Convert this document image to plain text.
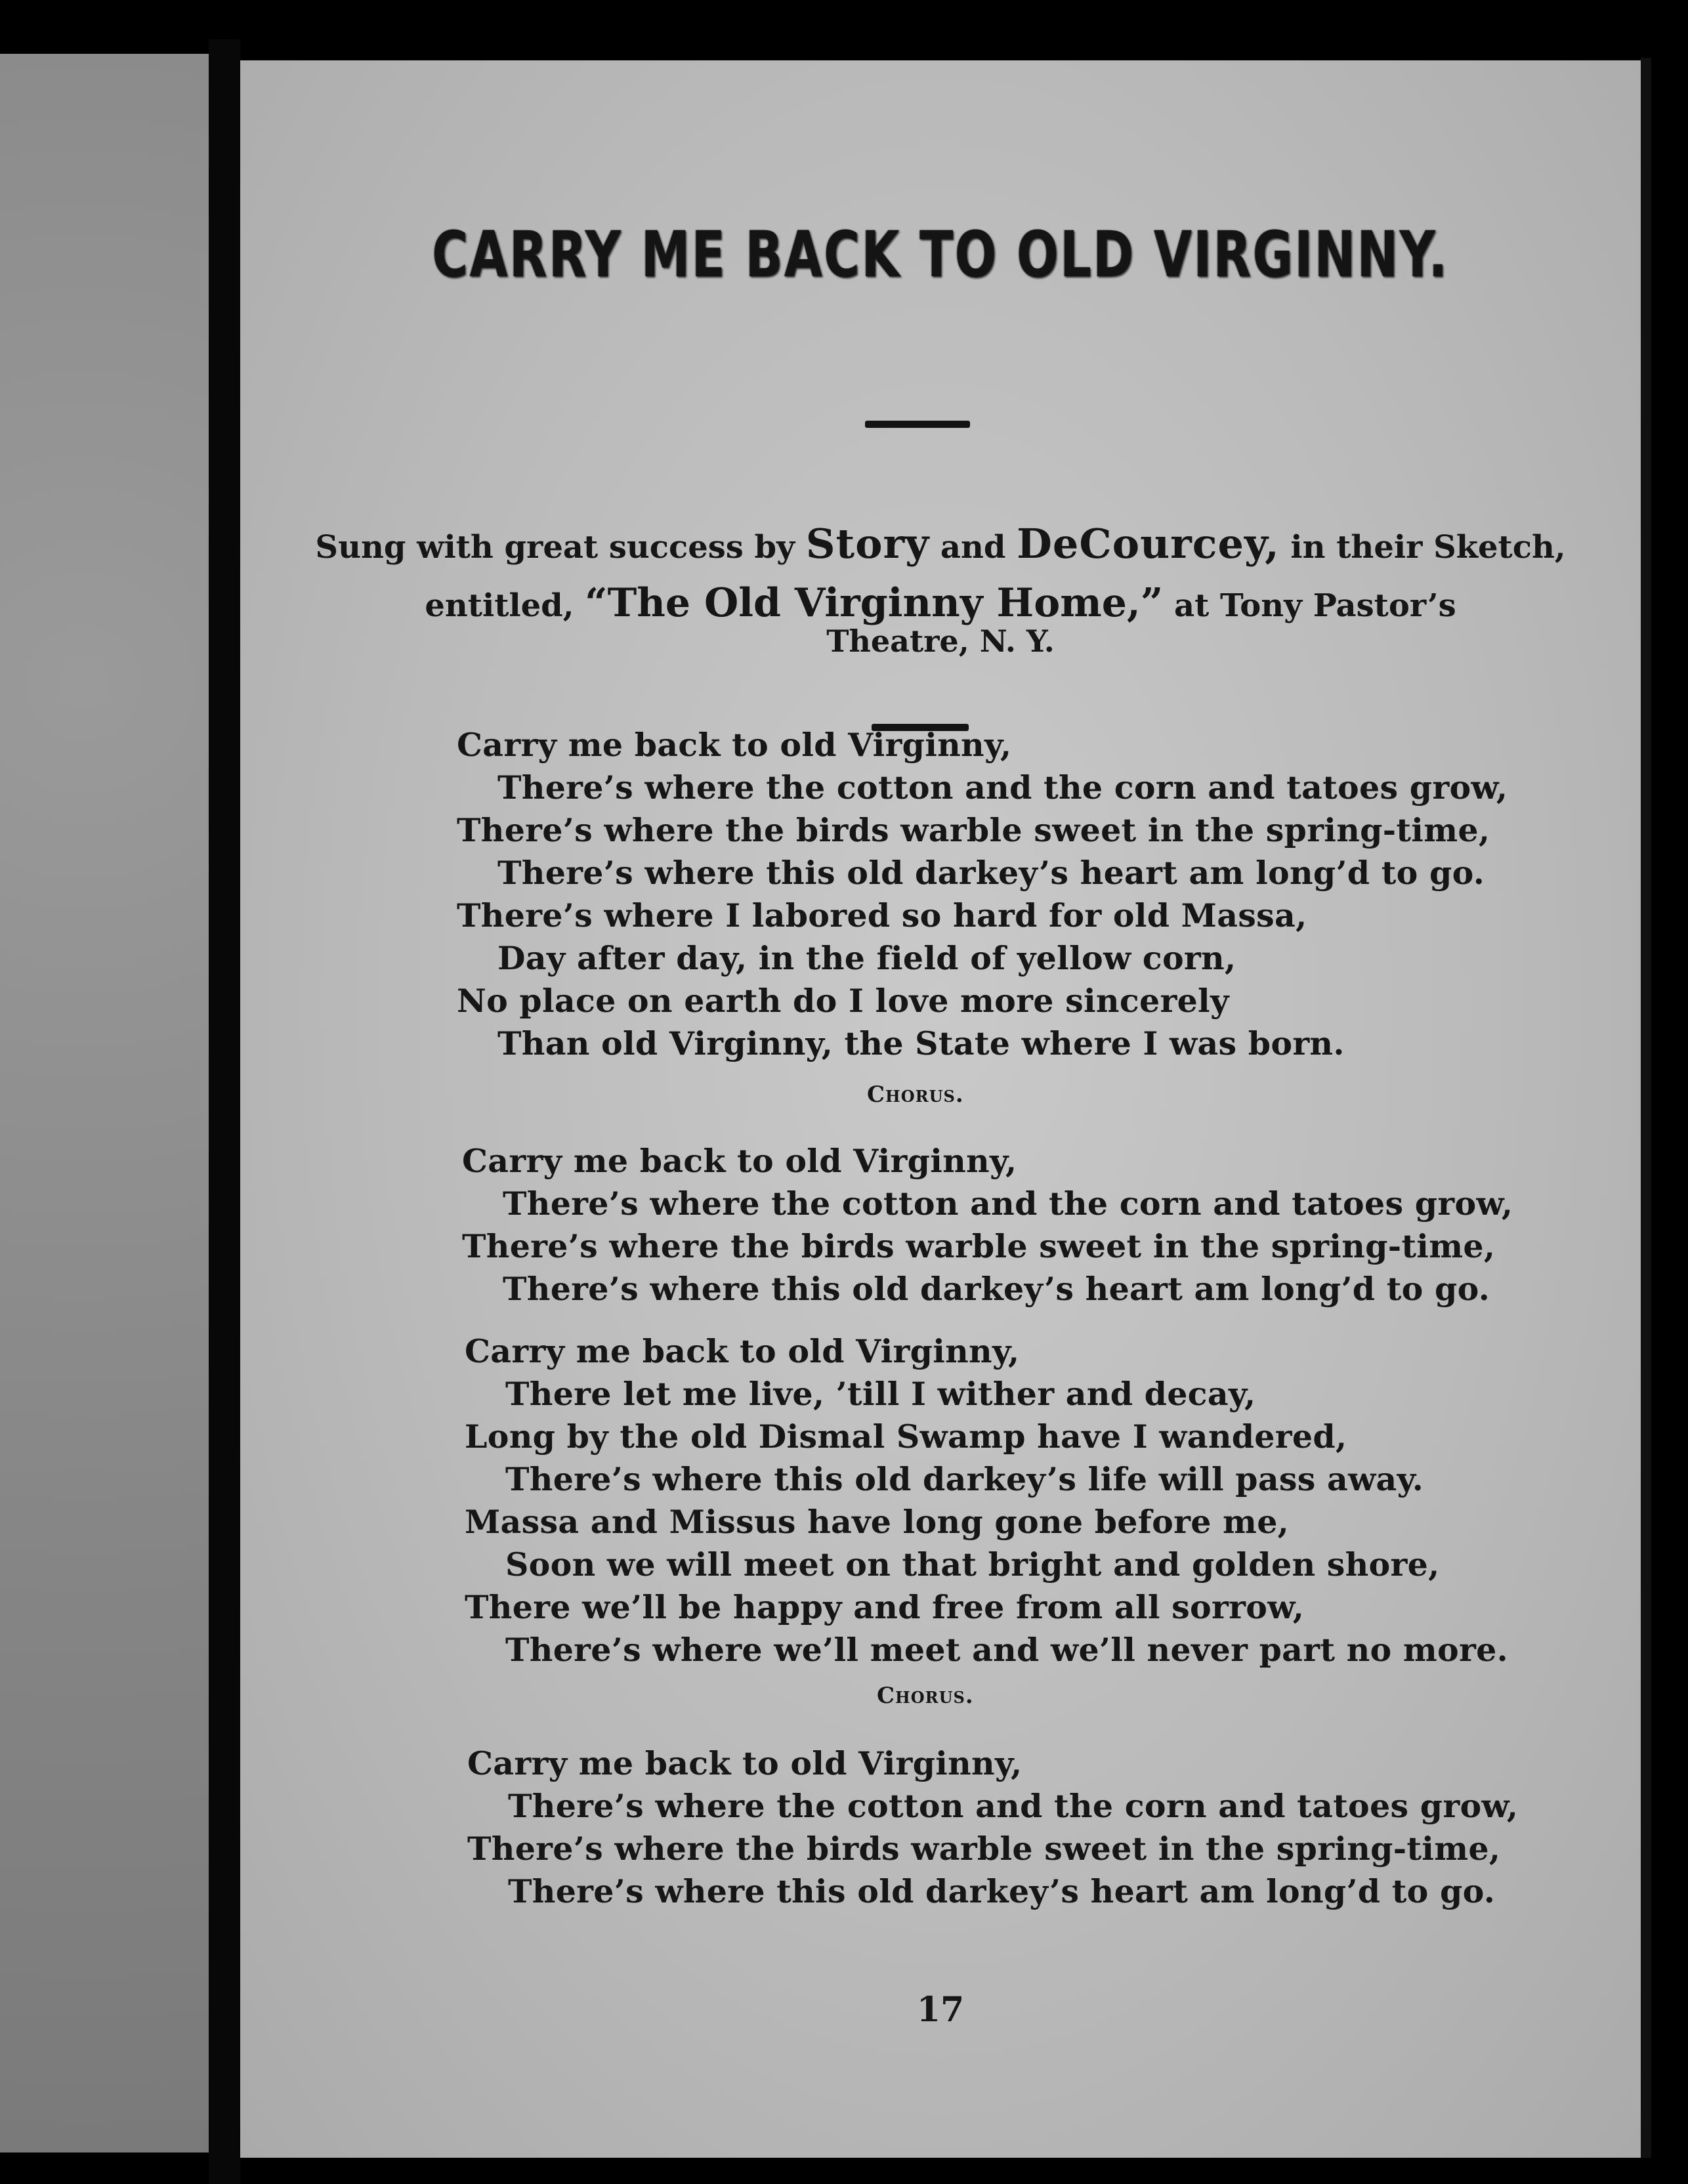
CARRY ME BACK TO OLD VIRGINNY.
Sung with great success by Story and DeCourcey, in their Sketch,
entitled, “The Old Virginny Home,” at Tony Pastor’s
Theatre, N. Y.
Carry me back to old Virginny,
There’s where the cotton and the corn and tatoes grow,
There’s where the birds warble sweet in the spring-time,
There’s where this old darkey’s heart am long’d to go.
There’s where I labored so hard for old Massa,
Day after day, in the field of yellow corn,
No place on earth do I love more sincerely
Than old Virginny, the State where I was born.
Chorus.
Carry me back to old Virginny,
There’s where the cotton and the corn and tatoes grow,
There’s where the birds warble sweet in the spring-time,
There’s where this old darkey’s heart am long’d to go.
Carry me back to old Virginny,
There let me live, ’till I wither and decay,
Long by the old Dismal Swamp have I wandered,
There’s where this old darkey’s life will pass away.
Massa and Missus have long gone before me,
Soon we will meet on that bright and golden shore,
There we’ll be happy and free from all sorrow,
There’s where we’ll meet and we’ll never part no more.
Chorus.
Carry me back to old Virginny,
There’s where the cotton and the corn and tatoes grow,
There’s where the birds warble sweet in the spring-time,
There’s where this old darkey’s heart am long’d to go.
17
